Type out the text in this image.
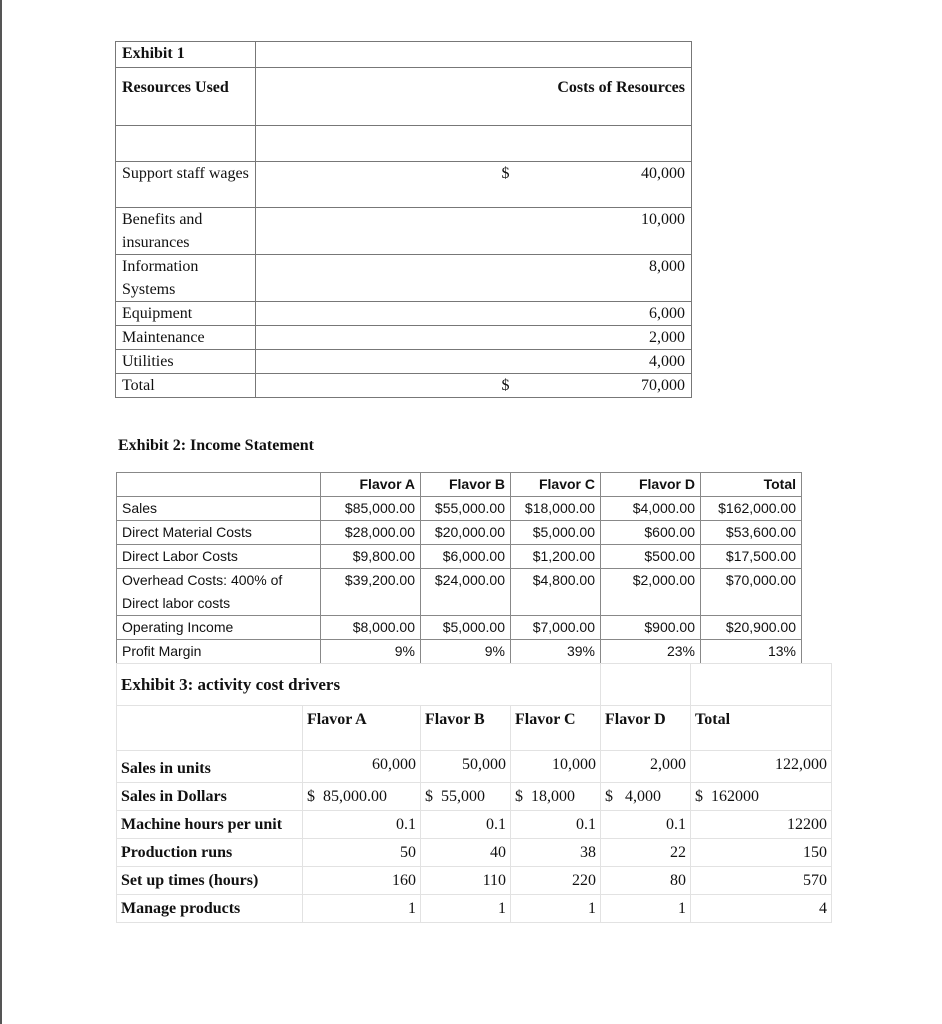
Exhibit 1		
Resources Used	Costs of Resources	

Support staff wages	$	40,000
Benefits and insurances		10,000
Information Systems		8,000
Equipment		6,000
Maintenance		2,000
Utilities		4,000
Total	$	70,000
Exhibit 2: Income Statement
	Flavor A	Flavor B	Flavor C	Flavor D	Total
Sales	$85,000.00	$55,000.00	$18,000.00	$4,000.00	$162,000.00
Direct Material Costs	$28,000.00	$20,000.00	$5,000.00	$600.00	$53,600.00
Direct Labor Costs	$9,800.00	$6,000.00	$1,200.00	$500.00	$17,500.00
Overhead Costs: 400% of Direct labor costs	$39,200.00	$24,000.00	$4,800.00	$2,000.00	$70,000.00
Operating Income	$8,000.00	$5,000.00	$7,000.00	$900.00	$20,900.00
Profit Margin	9%	9%	39%	23%	13%
Exhibit 3: activity cost drivers					
	Flavor A	Flavor B	Flavor C	Flavor D	Total
Sales in units	60,000	50,000	10,000	2,000	122,000
Sales in Dollars	$  85,000.00	$  55,000	$  18,000	$   4,000	$  162000
Machine hours per unit	0.1	0.1	0.1	0.1	12200
Production runs	50	40	38	22	150
Set up times (hours)	160	110	220	80	570
Manage products	1	1	1	1	4
